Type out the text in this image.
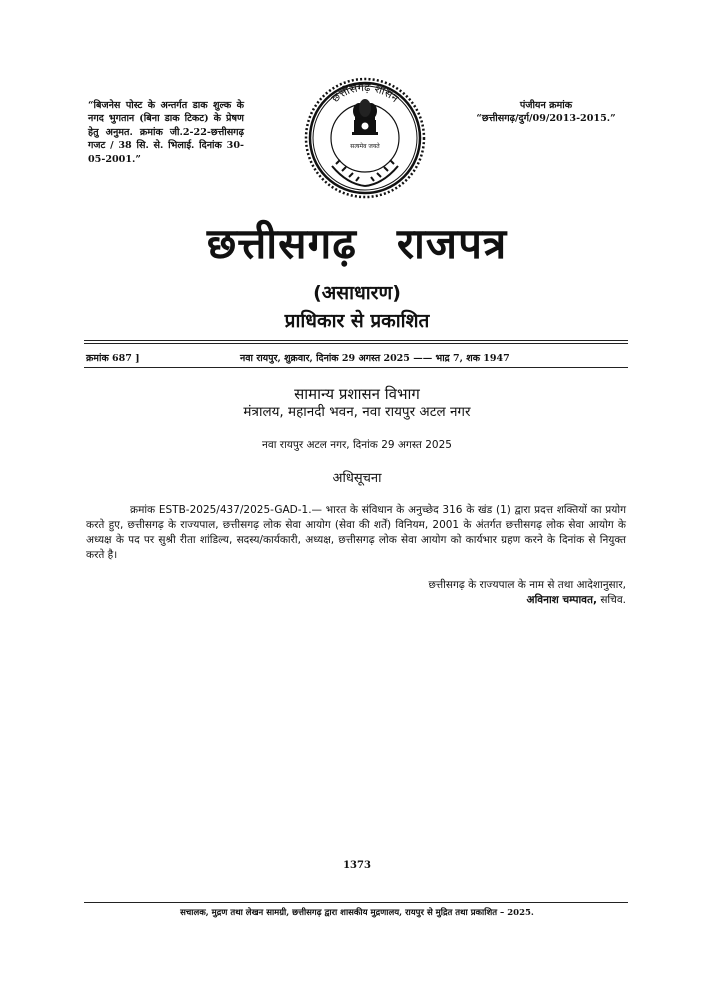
“बिजनेस पोस्ट के अन्तर्गत डाक शुल्क के नगद भुगतान (बिना डाक टिकट) के प्रेषण हेतु अनुमत. क्रमांक जी.2-22-छत्तीसगढ़ गजट / 38 सि. से. भिलाई. दिनांक 30-05-2001.”
पंजीयन क्रमांक
“छत्तीसगढ़/दुर्ग/09/2013-2015.”
छत्तीसगढ़ शासन
सत्यमेव जयते
छत्तीसगढ़ राजपत्र
(असाधारण)
प्राधिकार से प्रकाशित
क्रमांक 687 ]	नवा रायपुर, शुक्रवार, दिनांक 29 अगस्त 2025 —— भाद्र 7, शक 1947
सामान्य प्रशासन विभाग
मंत्रालय, महानदी भवन, नवा रायपुर अटल नगर
नवा रायपुर अटल नगर, दिनांक 29 अगस्त 2025
अधिसूचना
क्रमांक ESTB-2025/437/2025-GAD-1.— भारत के संविधान के अनुच्छेद 316 के खंड (1) द्वारा प्रदत्त शक्तियों का प्रयोग करते हुए, छत्तीसगढ़ के राज्यपाल, छत्तीसगढ़ लोक सेवा आयोग (सेवा की शर्तें) विनियम, 2001 के अंतर्गत छत्तीसगढ़ लोक सेवा आयोग के अध्यक्ष के पद पर सुश्री रीता शांडिल्य, सदस्य/कार्यकारी, अध्यक्ष, छत्तीसगढ़ लोक सेवा आयोग को कार्यभार ग्रहण करने के दिनांक से नियुक्त करते है।
छत्तीसगढ़ के राज्यपाल के नाम से तथा आदेशानुसार,
अविनाश चम्पावत, सचिव.
1373
सचालक, मुद्रण तथा लेखन सामग्री, छत्तीसगढ़ द्वारा शासकीय मुद्रणालय, रायपुर से मुद्रित तथा प्रकाशित – 2025.
